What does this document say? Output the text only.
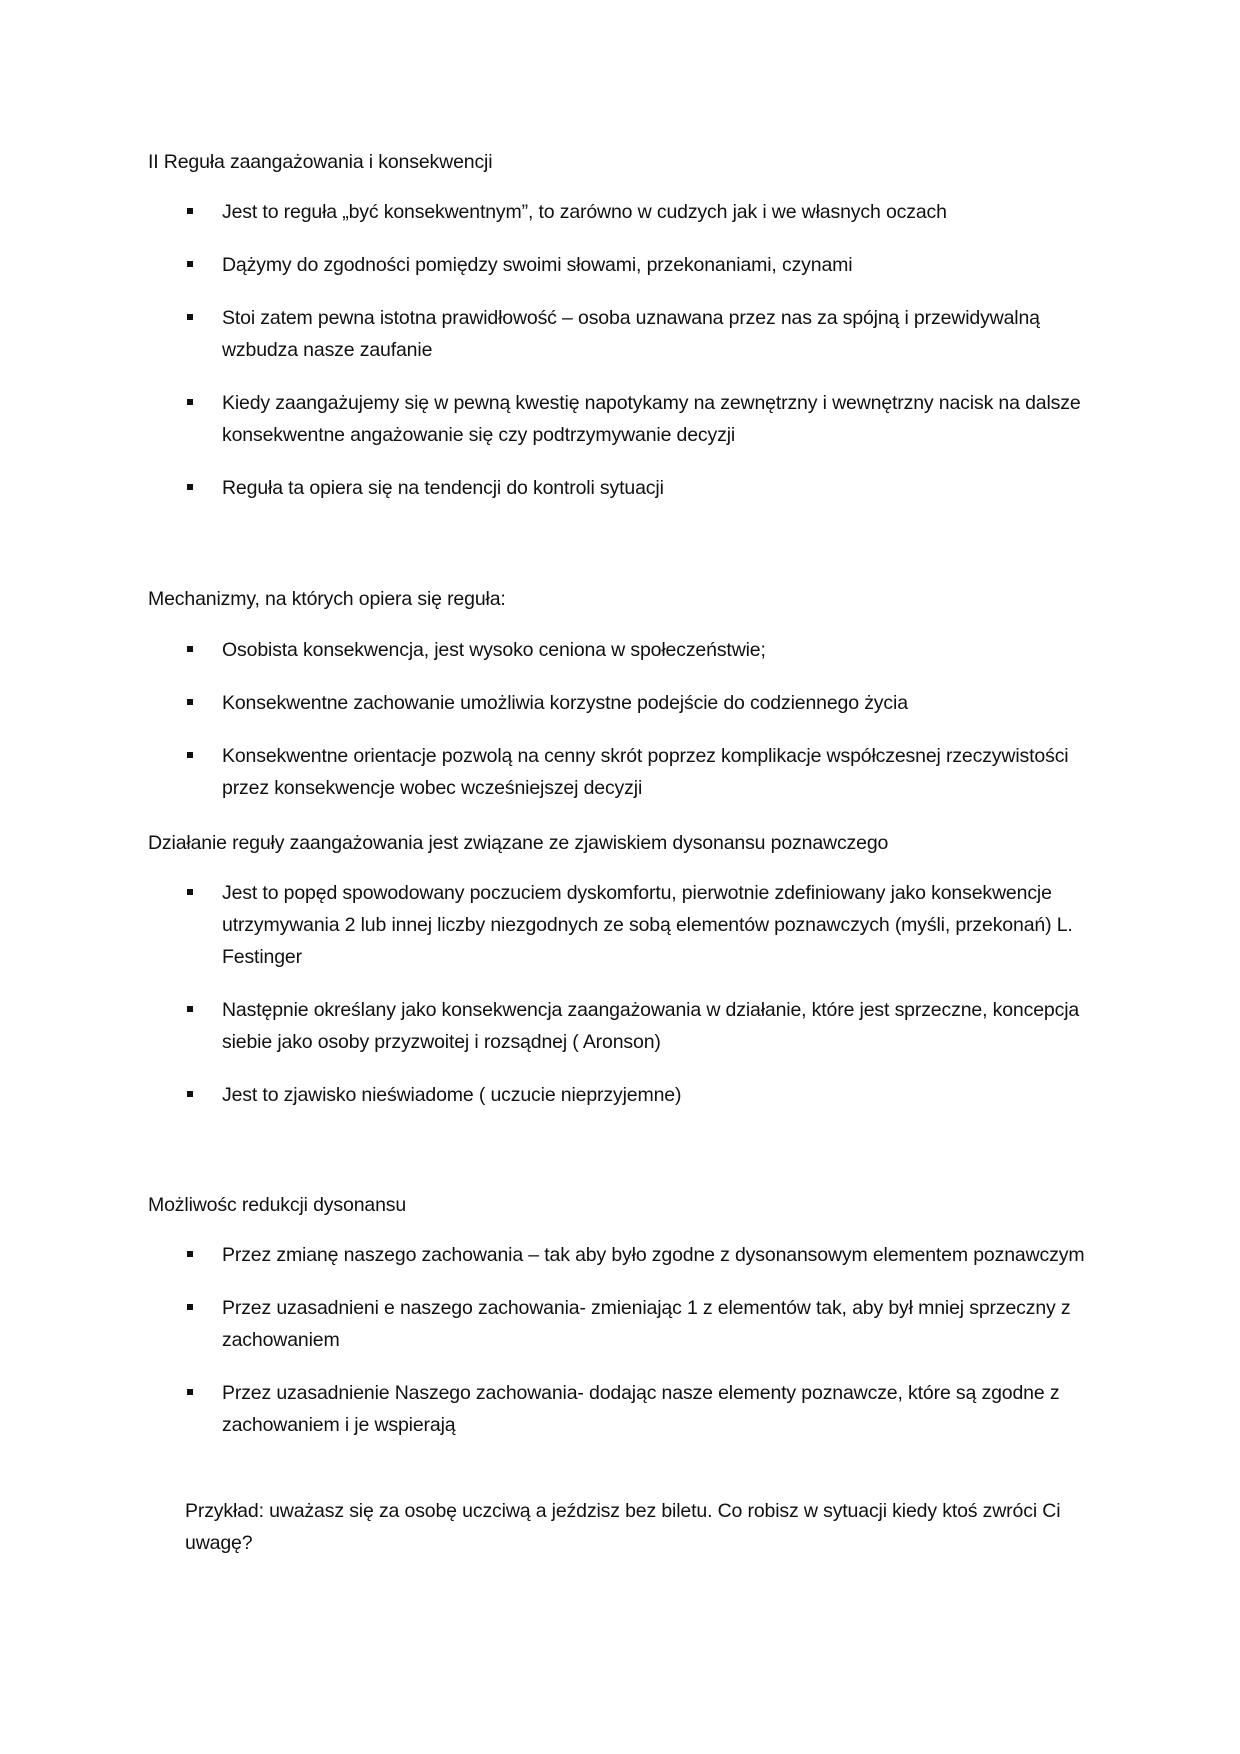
II Reguła zaangażowania i konsekwencji
Jest to reguła „być konsekwentnym”, to zarówno w cudzych jak i we własnych oczach
Dążymy do zgodności pomiędzy swoimi słowami, przekonaniami, czynami
Stoi zatem pewna istotna prawidłowość – osoba uznawana przez nas za spójną i przewidywalną wzbudza nasze zaufanie
Kiedy zaangażujemy się w pewną kwestię napotykamy na zewnętrzny i wewnętrzny nacisk na dalsze konsekwentne angażowanie się czy podtrzymywanie decyzji
Reguła ta opiera się na tendencji do kontroli sytuacji
Mechanizmy, na których opiera się reguła:
Osobista konsekwencja, jest wysoko ceniona w społeczeństwie;
Konsekwentne zachowanie umożliwia korzystne podejście do codziennego życia
Konsekwentne orientacje pozwolą na cenny skrót poprzez komplikacje współczesnej rzeczywistości przez konsekwencje wobec wcześniejszej decyzji
Działanie reguły zaangażowania jest związane ze zjawiskiem dysonansu poznawczego
Jest to popęd spowodowany poczuciem dyskomfortu, pierwotnie zdefiniowany jako konsekwencje utrzymywania 2 lub innej liczby niezgodnych ze sobą elementów poznawczych (myśli, przekonań) L. Festinger
Następnie określany jako konsekwencja zaangażowania w działanie, które jest sprzeczne, koncepcja siebie jako osoby przyzwoitej i rozsądnej ( Aronson)
Jest to zjawisko nieświadome ( uczucie nieprzyjemne)
Możliwośc redukcji dysonansu
Przez zmianę naszego zachowania – tak aby było zgodne z dysonansowym elementem poznawczym
Przez uzasadnieni e naszego zachowania- zmieniając 1 z elementów tak, aby był mniej sprzeczny z zachowaniem
Przez uzasadnienie Naszego zachowania- dodając nasze elementy poznawcze, które są zgodne z zachowaniem i je wspierają

Przykład: uważasz się za osobę uczciwą a jeździsz bez biletu. Co robisz w sytuacji kiedy ktoś zwróci Ci uwagę?
